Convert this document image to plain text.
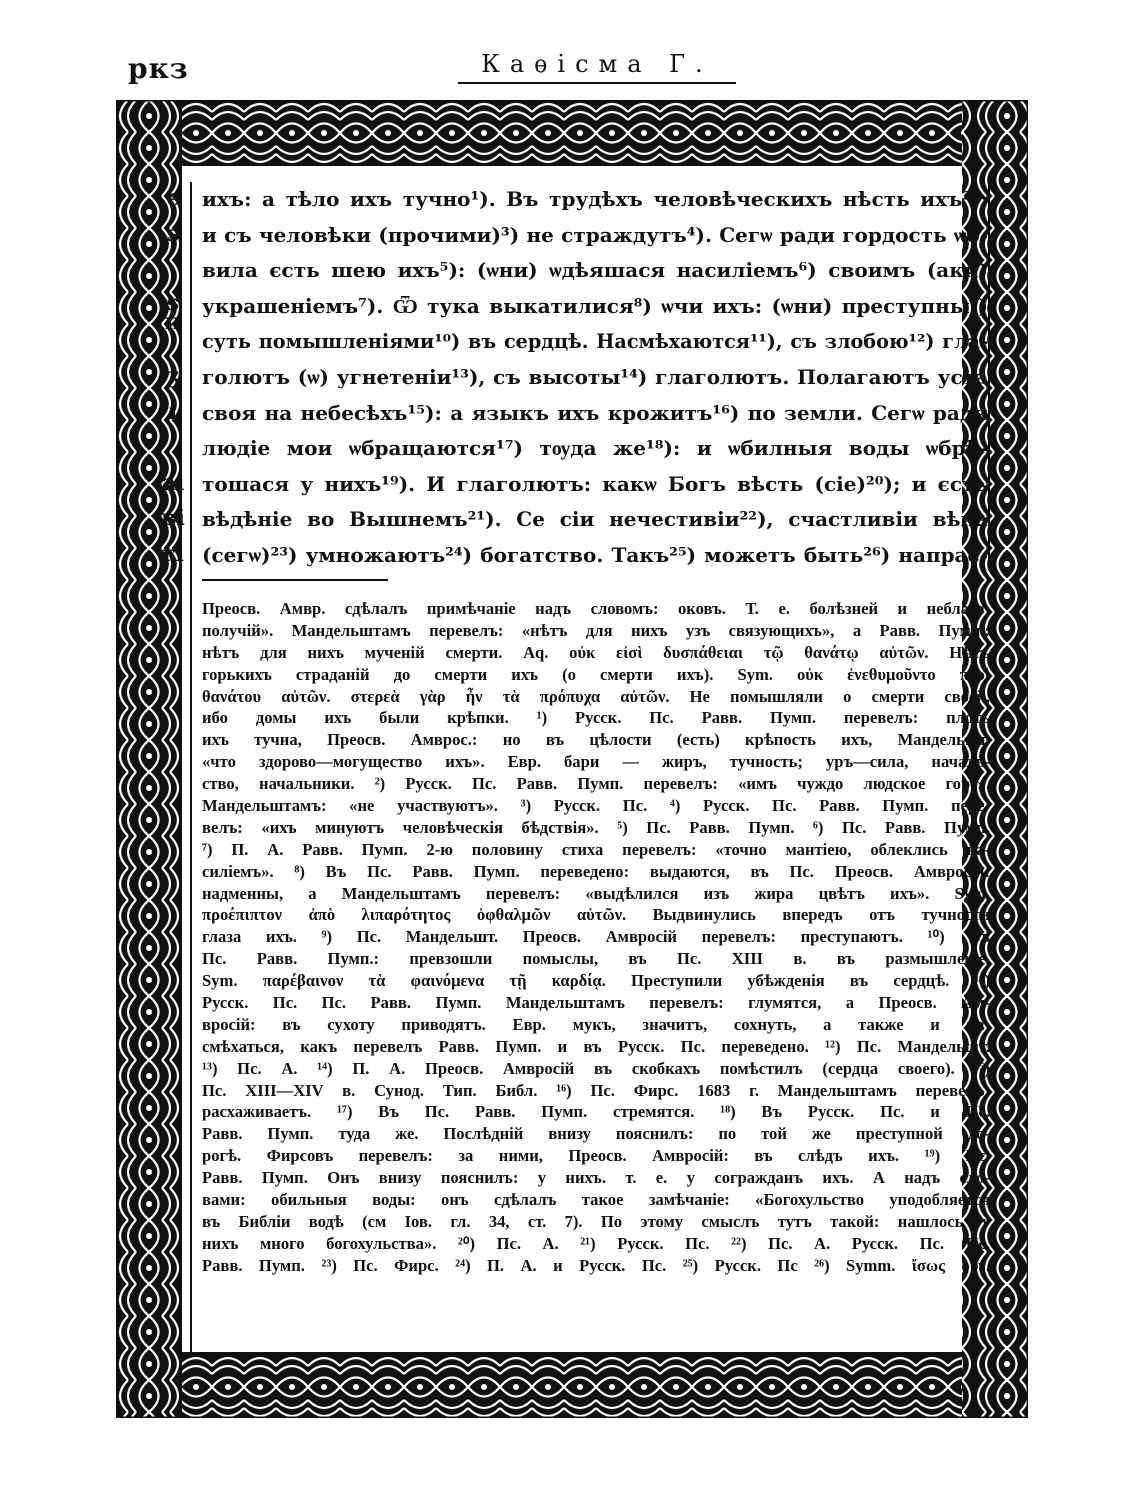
ркз	Каѳісма Г.
є
ѕ
ѕ
и
ӡ
і
аі
ві
гі
ихъ: а тѣло ихъ тучно¹). Въ трудѣхъ человѣческихъ нѣсть ихъ²):
и съ человѣки (прочими)³) не страждутъ⁴). Сегѡ ради гордость ѡб-
вила єсть шею ихъ⁵): (ѡни) ѡдѣяшася насиліемъ⁶) своимъ (аки)
украшеніемъ⁷). Ѿ тука выкатилися⁸) ѡчи ихъ: (ѡни) преступны⁹)
суть помышленіями¹⁰) въ сердцѣ. Насмѣхаются¹¹), съ злобою¹²) гла-
голютъ (ѡ) угнетеніи¹³), съ высоты¹⁴) глаголютъ. Полагаютъ уста
своя на небесѣхъ¹⁵): а языкъ ихъ крожитъ¹⁶) по земли. Сегѡ ради
людіе мои ѡбращаются¹⁷) тѹда же¹⁸): и ѡбилныя воды ѡбрѣ-
тошася у нихъ¹⁹). И глаголютъ: какѡ Богъ вѣсть (сіе)²⁰); и єсть
вѣдѣніе во Вышнемъ²¹). Се сіи нечестивіи²²), счастливіи вѣка
(сегѡ)²³) умножаютъ²⁴) богатство. Такъ²⁵) можетъ быть²⁶) напрас-
Преосв. Амвр. сдѣлалъ примѣчаніе надъ словомъ: оковъ. Т. е. болѣзней и неблаго-
получій». Мандельштамъ перевелъ: «нѣтъ для нихъ узъ связующихъ», а Равв. Пумп.:
нѣтъ для нихъ мученій смерти. Aq. οὐκ εἰσὶ δυσπάθειαι τῷ θανάτῳ αὐτῶν. Нѣтъ
горькихъ страданій до смерти ихъ (о смерти ихъ). Sym. οὐκ ἐνεθυμοῦντο περὶ
θανάτου αὐτῶν. στερεὰ γὰρ ἦν τὰ πρόπυχα αὐτῶν. Не помышляли о смерти своей,
ибо домы ихъ были крѣпки. ¹) Русск. Пс. Равв. Пумп. перевелъ: плоть
ихъ тучна, Преосв. Амврос.: но въ цѣлости (есть) крѣпость ихъ, Мандельшт.
«что здорово—могущество ихъ». Евр. бари — жиръ, тучность; уръ—сила, началь-
ство, начальники. ²) Русск. Пс. Равв. Пумп. перевелъ: «имъ чуждо людское горе».
Мандельштамъ: «не участвуютъ». ³) Русск. Пс. ⁴) Русск. Пс. Равв. Пумп. пере-
велъ: «ихъ минуютъ человѣческія бѣдствія». ⁵) Пс. Равв. Пумп. ⁶) Пс. Равв. Пумп.
⁷) П. А. Равв. Пумп. 2-ю половину стиха перевелъ: «точно мантіею, облеклись на-
силіемъ». ⁸) Въ Пс. Равв. Пумп. переведено: выдаются, въ Пс. Преосв. Амвросія:
надменны, а Мандельштамъ перевелъ: «выдѣлился изъ жира цвѣтъ ихъ». Sym.
προέπιπτον ἀπὸ λιπαρότητος ὀφθαλμῶν αὐτῶν. Выдвинулись впередъ отъ тучности
глаза ихъ. ⁹) Пс. Мандельшт. Преосв. Амвросій перевелъ: преступаютъ. ¹⁰) Въ
Пс. Равв. Пумп.: превзошли помыслы, въ Пс. XIII в. въ размышленіе.
Sym. παρέβαινον τὰ φαινόμενα τῇ καρδίᾳ. Преступили убѣжденія въ сердцѣ. ¹¹)
Русск. Пс. Пс. Равв. Пумп. Мандельштамъ перевелъ: глумятся, а Преосв. Ам-
вросій: въ сухоту приводятъ. Евр. мукъ, значитъ, сохнуть, а также и на-
смѣхаться, какъ перевелъ Равв. Пумп. и въ Русск. Пс. переведено. ¹²) Пс. Мандельшт.
¹³) Пс. А. ¹⁴) П. А. Преосв. Амвросій въ скобкахъ помѣстилъ (сердца своего). ¹⁵)
Пс. XIII—XIV в. Сунод. Тип. Библ. ¹⁶) Пс. Фирс. 1683 г. Мандельштамъ перевелъ:
расхаживаетъ. ¹⁷) Въ Пс. Равв. Пумп. стремятся. ¹⁸) Въ Русск. Пс. и Пс.
Равв. Пумп. туда же. Послѣдній внизу пояснилъ: по той же преступной до-
рогѣ. Фирсовъ перевелъ: за ними, Преосв. Амвросій: въ слѣдъ ихъ. ¹⁹) Пс.
Равв. Пумп. Онъ внизу пояснилъ: у нихъ. т. е. у согражданъ ихъ. А надъ сло-
вами: обильныя воды: онъ сдѣлалъ такое замѣчаніе: «Богохульство уподобляется
въ Библіи водѣ (см Іов. гл. 34, ст. 7). По этому смыслъ тутъ такой: нашлось у
нихъ много богохульства». ²⁰) Пс. А. ²¹) Русск. Пс. ²²) Пс. А. Русск. Пс. Пс.
Равв. Пумп. ²³) Пс. Фирс. ²⁴) П. А. и Русск. Пс. ²⁵) Русск. Пс ²⁶) Symm. ἴσως οὖν.
